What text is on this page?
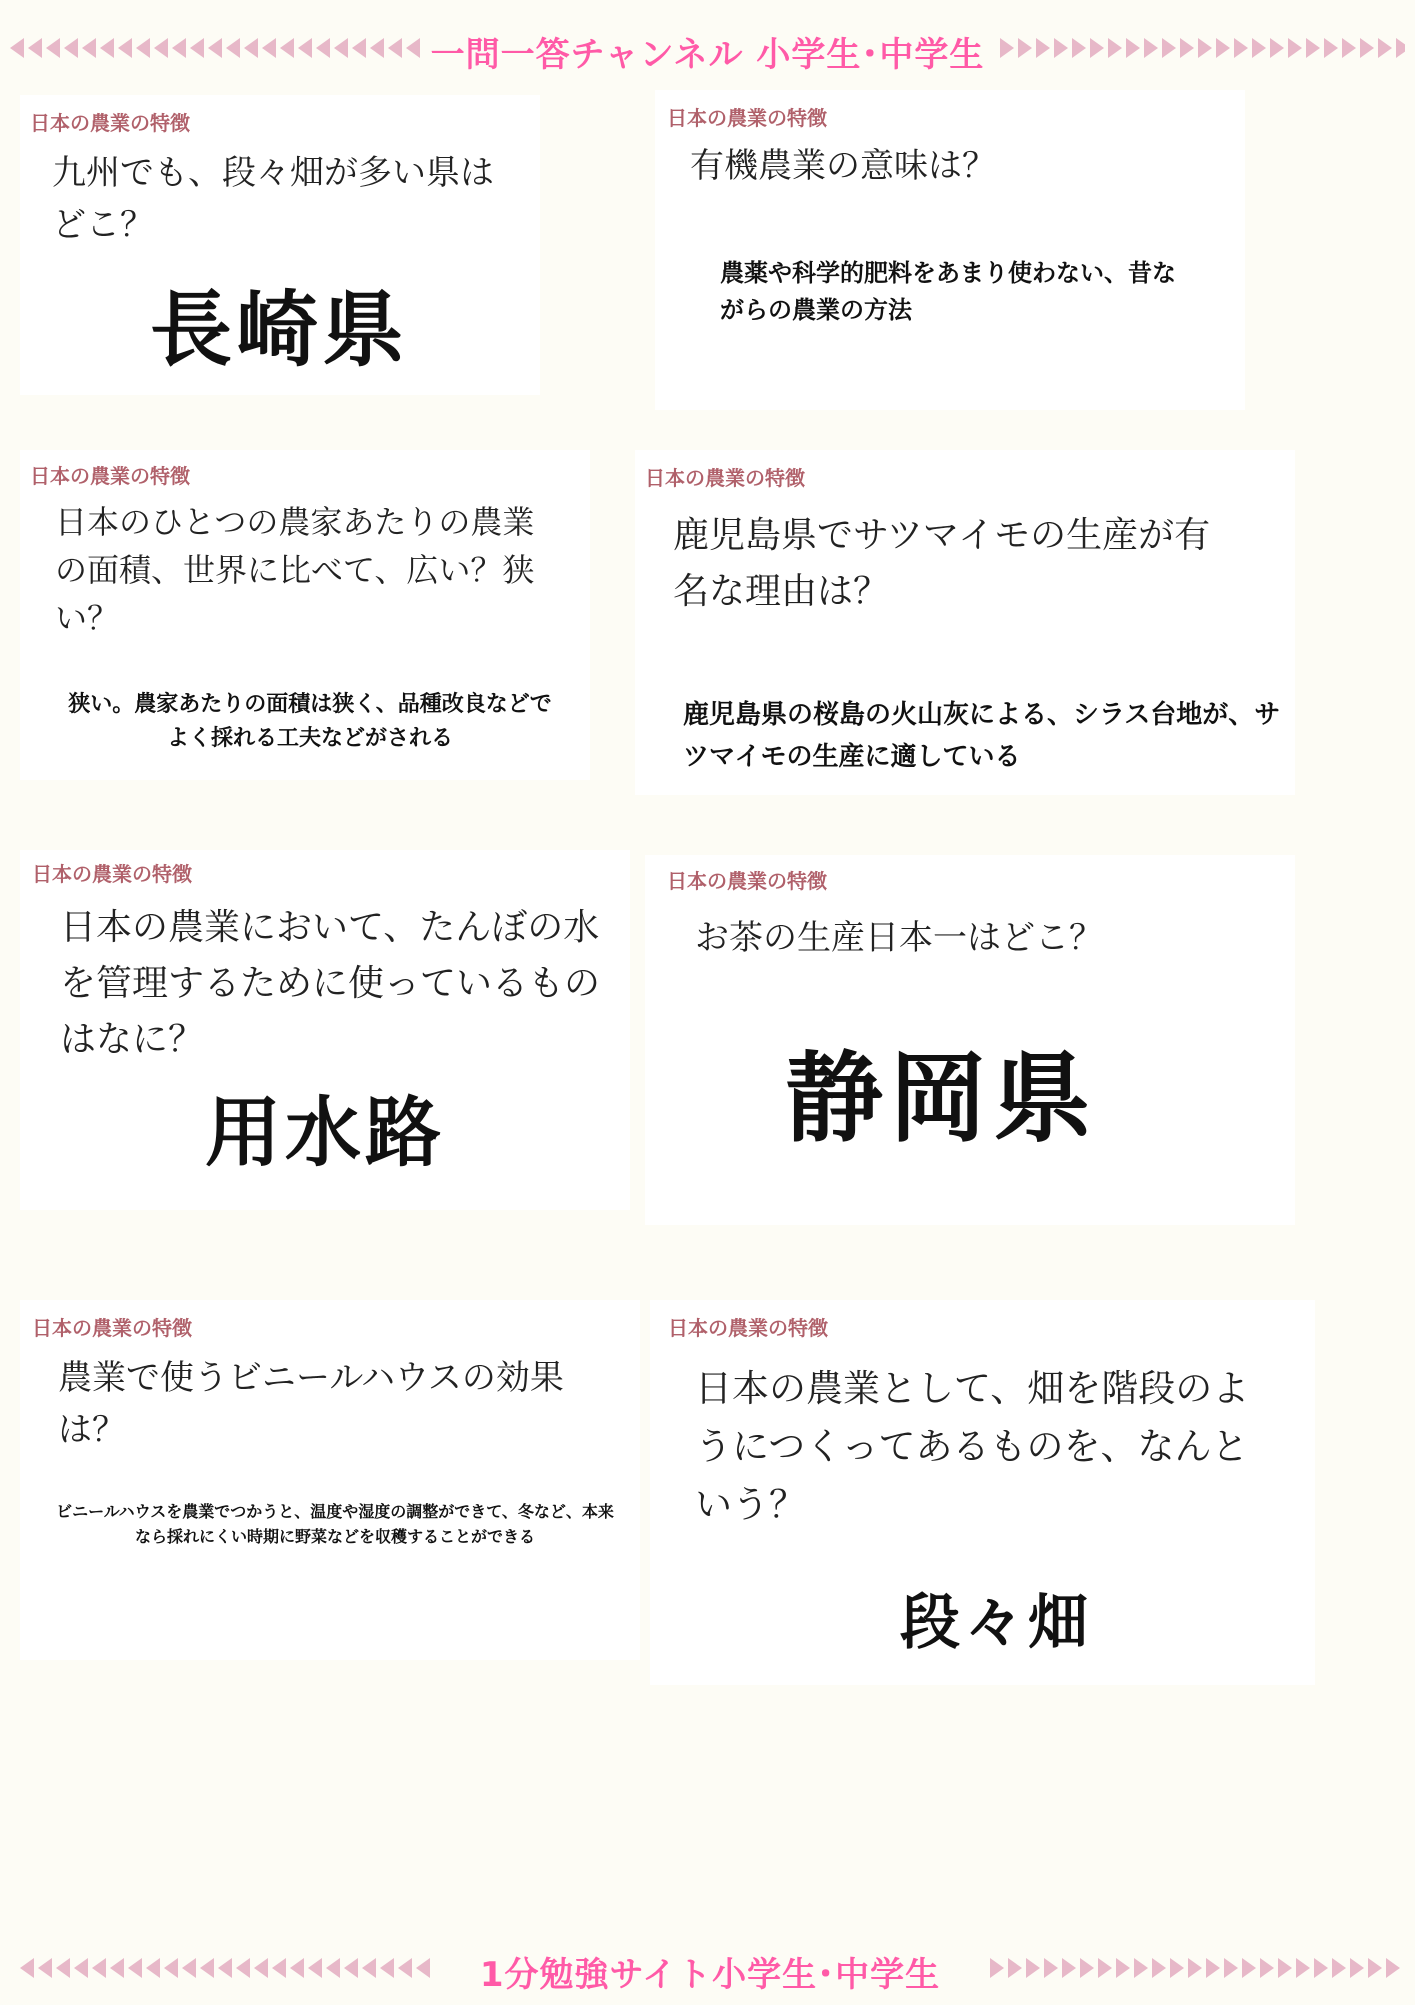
一問一答チャンネル 小学生･中学生
日本の農業の特徴
九州でも、段々畑が多い県はどこ？
長崎県
日本の農業の特徴
有機農業の意味は？
農薬や科学的肥料をあまり使わない、昔ながらの農業の方法
日本の農業の特徴
日本のひとつの農家あたりの農業の面積、世界に比べて、広い？狭い？
狭い。農家あたりの面積は狭く、品種改良などでよく採れる工夫などがされる
日本の農業の特徴
鹿児島県でサツマイモの生産が有名な理由は？
鹿児島県の桜島の火山灰による、シラス台地が、サツマイモの生産に適している
日本の農業の特徴
日本の農業において、たんぼの水を管理するために使っているものはなに？
用水路
日本の農業の特徴
お茶の生産日本一はどこ？
静岡県
日本の農業の特徴
農業で使うビニールハウスの効果は？
ビニールハウスを農業でつかうと、温度や湿度の調整ができて、冬など、本来なら採れにくい時期に野菜などを収穫することができる
日本の農業の特徴
日本の農業として、畑を階段のようにつくってあるものを、なんという？
段々畑
1分勉強サイト小学生･中学生
